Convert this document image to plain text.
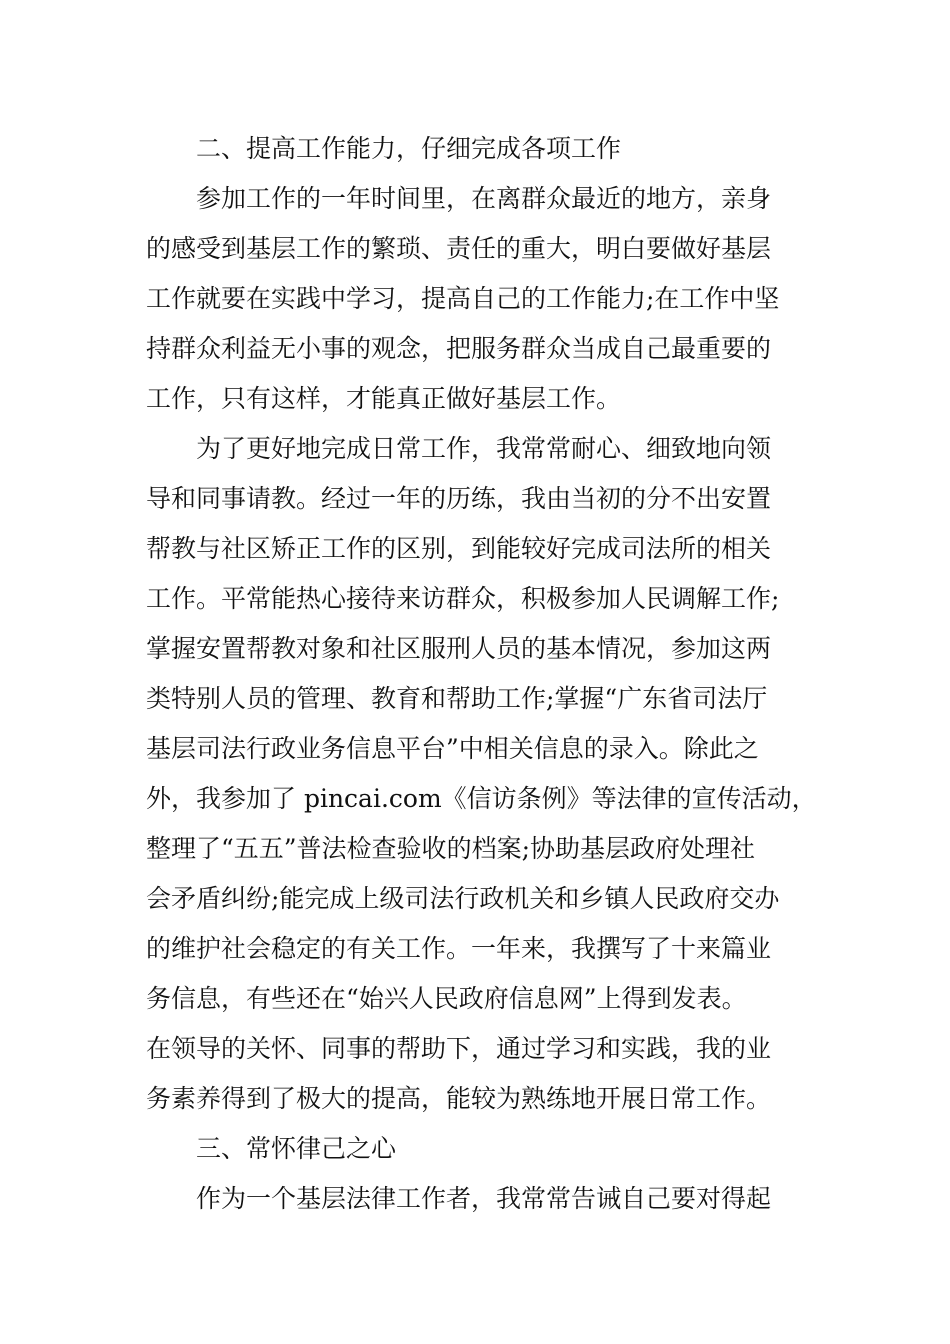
二、提高工作能力，仔细完成各项工作
参加工作的一年时间里，在离群众最近的地方，亲身
的感受到基层工作的繁琐、责任的重大，明白要做好基层
工作就要在实践中学习，提高自己的工作能力;在工作中坚
持群众利益无小事的观念，把服务群众当成自己最重要的
工作，只有这样，才能真正做好基层工作。
为了更好地完成日常工作，我常常耐心、细致地向领
导和同事请教。经过一年的历练，我由当初的分不出安置
帮教与社区矫正工作的区别，到能较好完成司法所的相关
工作。平常能热心接待来访群众，积极参加人民调解工作;
掌握安置帮教对象和社区服刑人员的基本情况，参加这两
类特别人员的管理、教育和帮助工作;掌握“广东省司法厅
基层司法行政业务信息平台”中相关信息的录入。除此之
外，我参加了 pincai.com《信访条例》等法律的宣传活动，
整理了“五五”普法检查验收的档案;协助基层政府处理社
会矛盾纠纷;能完成上级司法行政机关和乡镇人民政府交办
的维护社会稳定的有关工作。一年来，我撰写了十来篇业
务信息，有些还在“始兴人民政府信息网”上得到发表。
在领导的关怀、同事的帮助下，通过学习和实践，我的业
务素养得到了极大的提高，能较为熟练地开展日常工作。
三、常怀律己之心
作为一个基层法律工作者，我常常告诫自己要对得起
